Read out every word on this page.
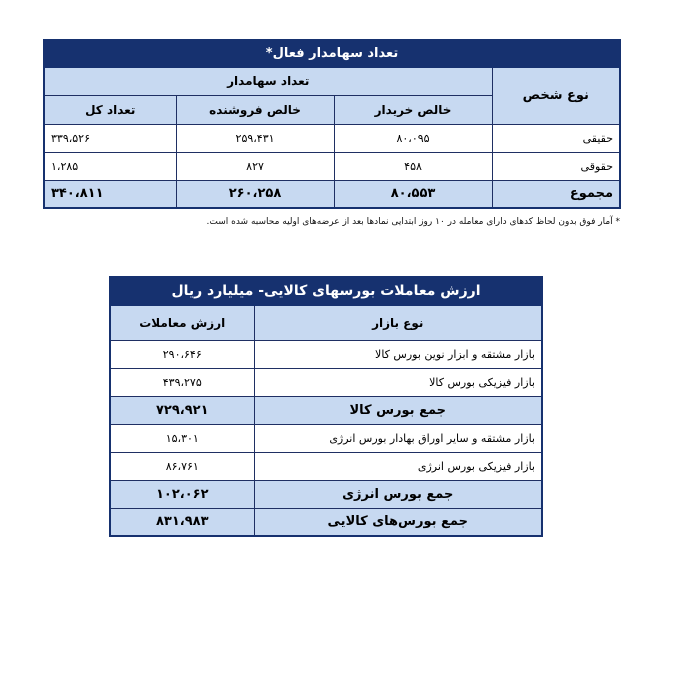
تعداد سهامدار فعال*			
نوع شخص	تعداد سهامدار		
	خالص خریدار	خالص فروشنده	تعداد کل
حقیقی	۸۰،۰۹۵	۲۵۹،۴۳۱	۳۳۹،۵۲۶
حقوقی	۴۵۸	۸۲۷	۱،۲۸۵
مجموع	۸۰،۵۵۳	۲۶۰،۲۵۸	۳۴۰،۸۱۱
* آمار فوق بدون لحاظ کدهای دارای معامله در ۱۰ روز ابتدایی نمادها بعد از عرضه‌های اولیه محاسبه شده است.
ارزش معاملات بورسهای کالایی- میلیارد ریال	
نوع بازار	ارزش معاملات
بازار مشتقه و ابزار نوین بورس کالا	۲۹۰،۶۴۶
بازار فیزیکی بورس کالا	۴۳۹،۲۷۵
جمع بورس کالا	۷۲۹،۹۲۱
بازار مشتقه و سایر اوراق بهادار بورس انرژی	۱۵،۳۰۱
بازار فیزیکی بورس انرژی	۸۶،۷۶۱
جمع بورس انرژی	۱۰۲،۰۶۲
جمع بورس‌های کالایی	۸۳۱،۹۸۳
